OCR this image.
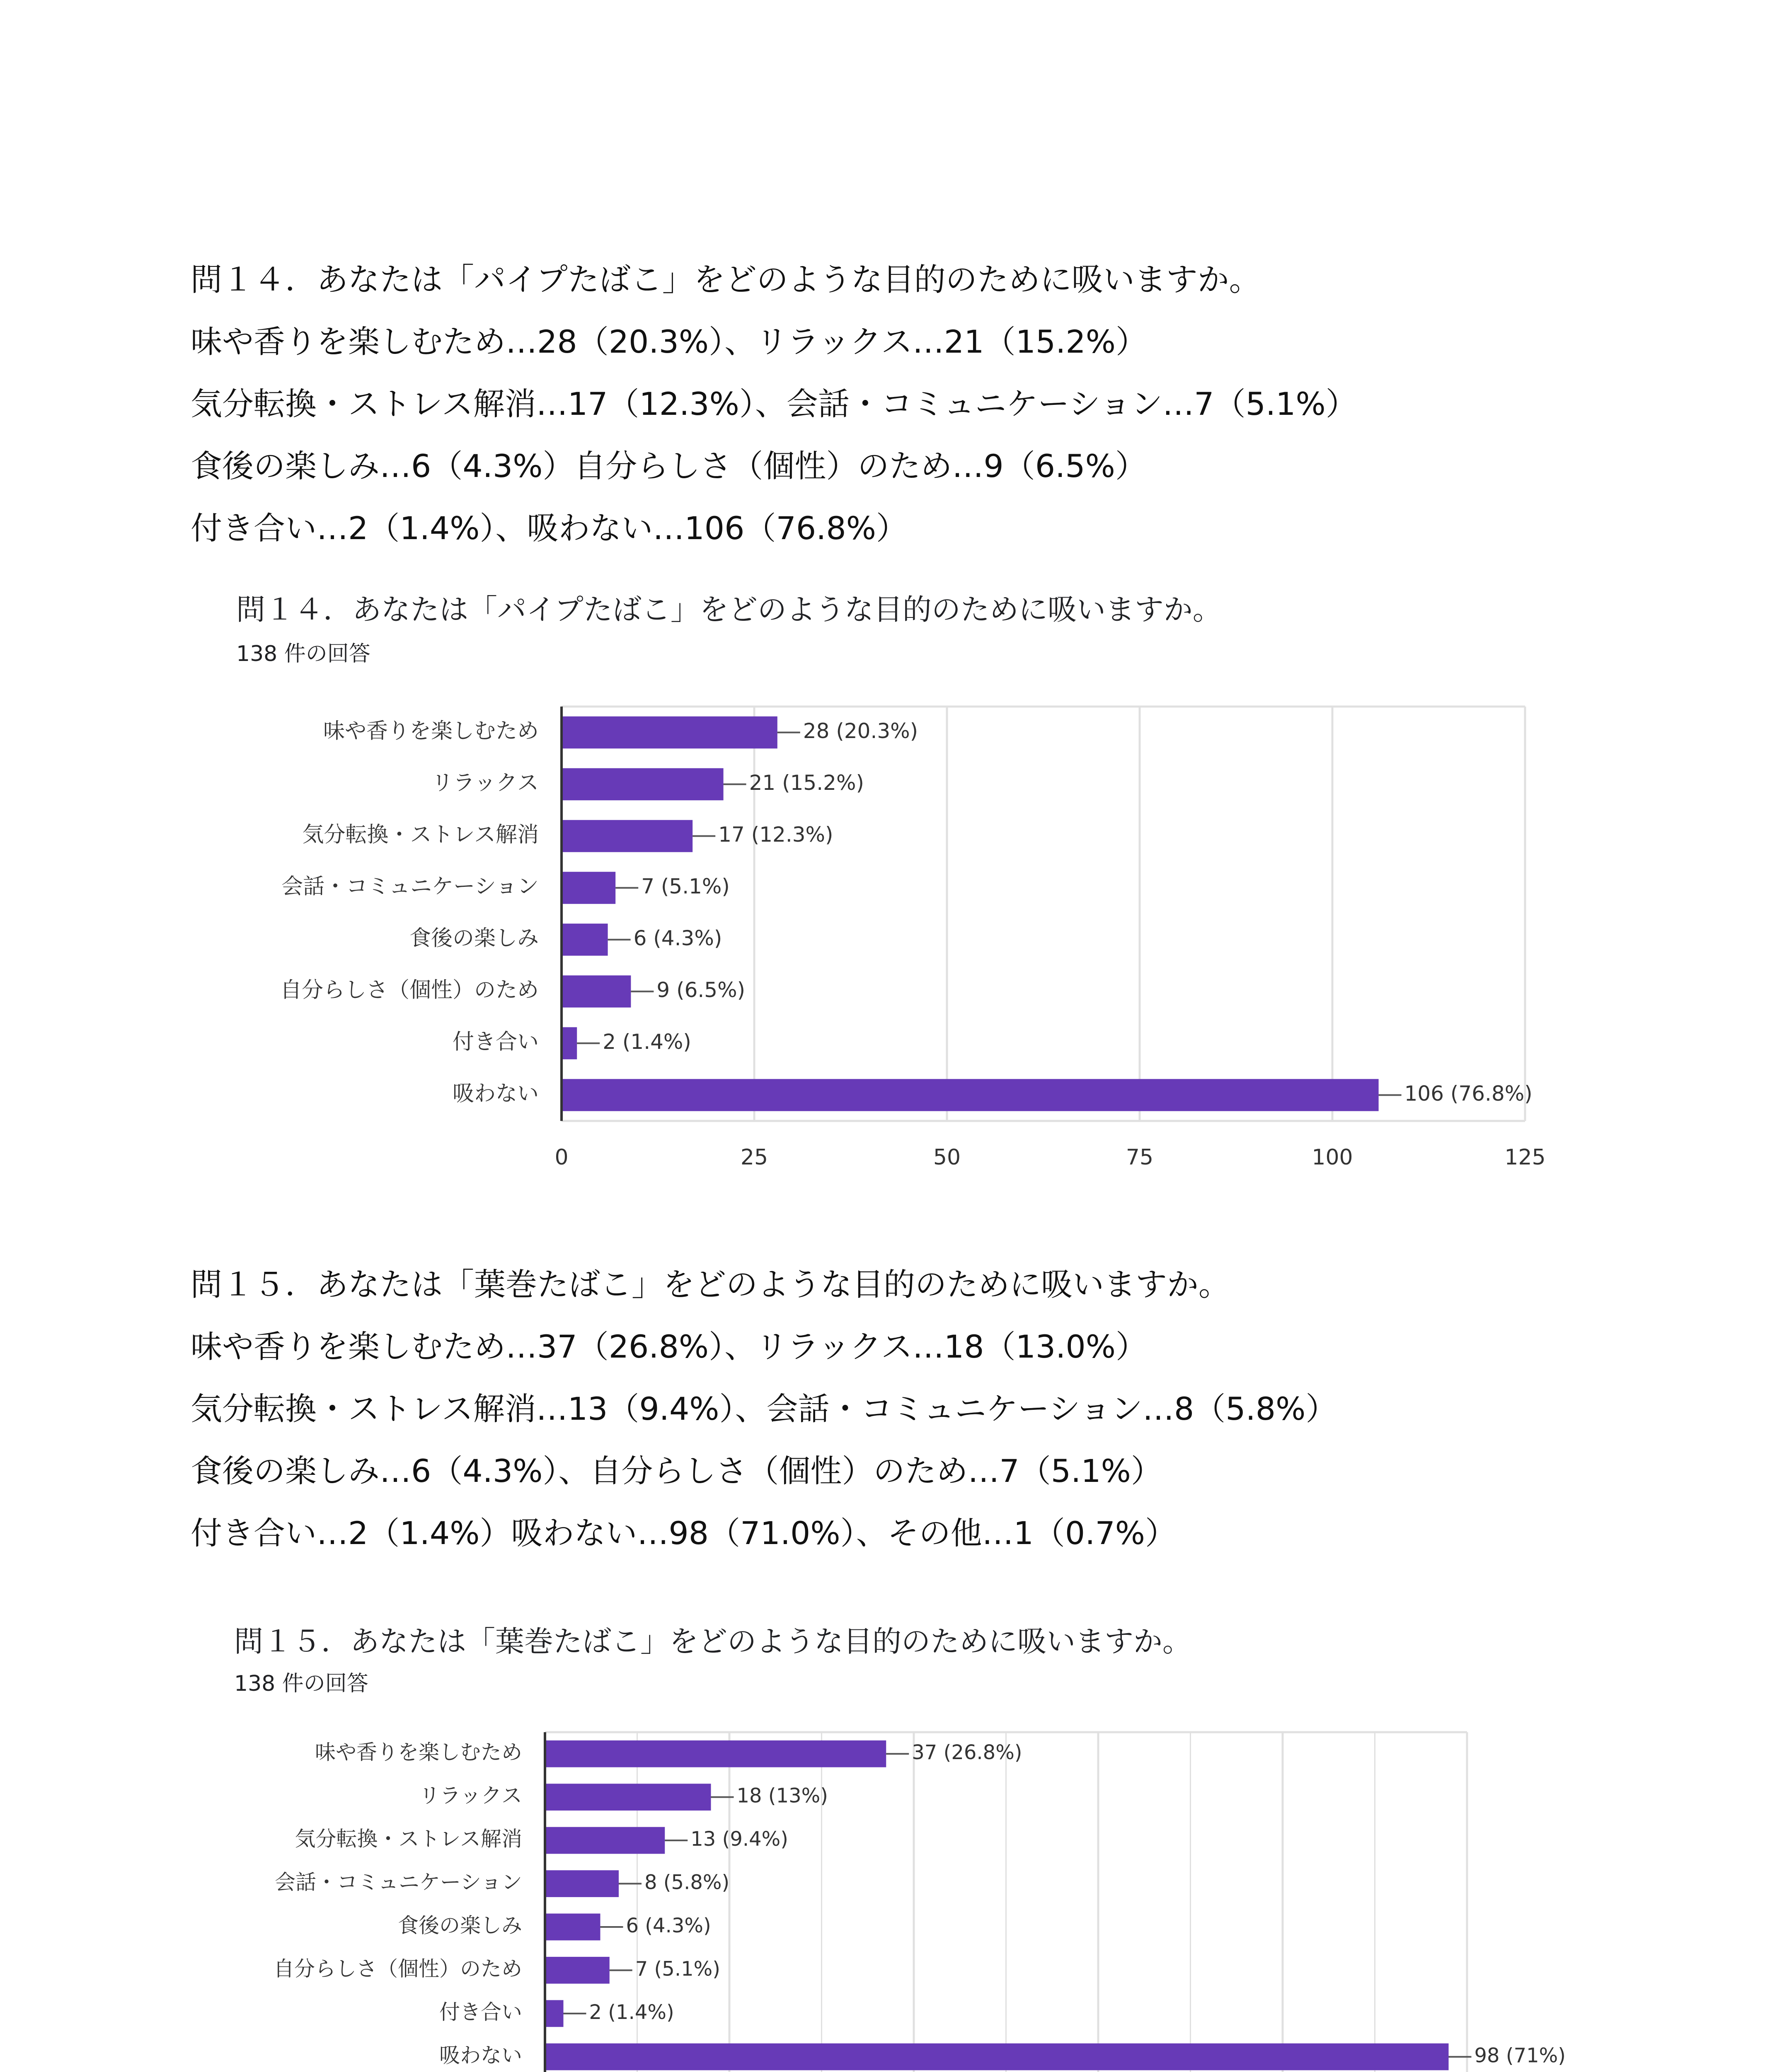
問１４．あなたは「パイプたばこ」をどのような目的のために吸いますか。
味や香りを楽しむため…28（20.3%）、リラックス…21（15.2%）
気分転換・ストレス解消…17（12.3%）、会話・コミュニケーション…7（5.1%）
食後の楽しみ…6（4.3%）自分らしさ（個性）のため…9（6.5%）
付き合い…2（1.4%）、吸わない…106（76.8%）
問１４．あなたは「パイプたばこ」をどのような目的のために吸いますか。
138 件の回答
味や香りを楽しむため	28 (20.3%)
リラックス	21 (15.2%)
気分転換・ストレス解消	17 (12.3%)
会話・コミュニケーション	7 (5.1%)
食後の楽しみ	6 (4.3%)
自分らしさ（個性）のため	9 (6.5%)
付き合い	2 (1.4%)
吸わない	106 (76.8%)
0	25	50	75	100	125
問１５．あなたは「葉巻たばこ」をどのような目的のために吸いますか。
味や香りを楽しむため…37（26.8%）、リラックス…18（13.0%）
気分転換・ストレス解消…13（9.4%）、会話・コミュニケーション…8（5.8%）
食後の楽しみ…6（4.3%）、自分らしさ（個性）のため…7（5.1%）
付き合い…2（1.4%）吸わない…98（71.0%）、その他…1（0.7%）
問１５．あなたは「葉巻たばこ」をどのような目的のために吸いますか。
138 件の回答
味や香りを楽しむため	37 (26.8%)
リラックス	18 (13%)
気分転換・ストレス解消	13 (9.4%)
会話・コミュニケーション	8 (5.8%)
食後の楽しみ	6 (4.3%)
自分らしさ（個性）のため	7 (5.1%)
付き合い	2 (1.4%)
吸わない	98 (71%)
